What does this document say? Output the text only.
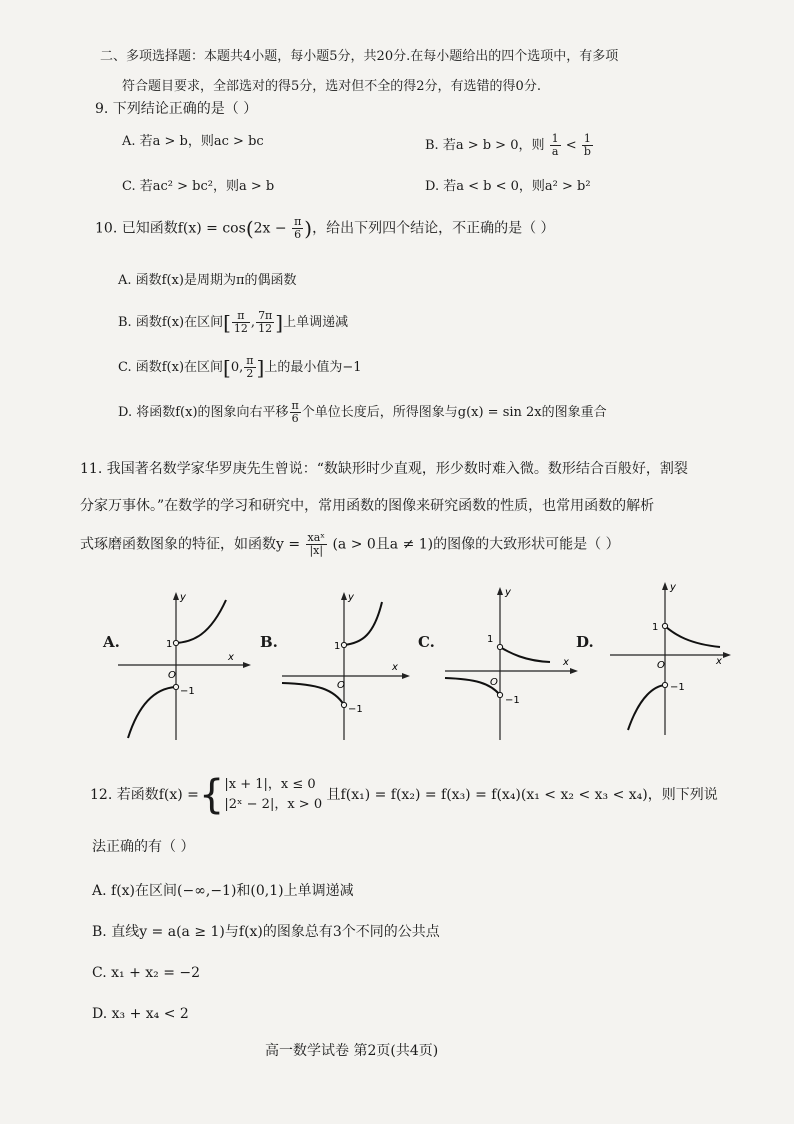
二、多项选择题：本题共4小题，每小题5分，共20分.在每小题给出的四个选项中，有多项
符合题目要求，全部选对的得5分，选对但不全的得2分，有选错的得0分.
9. 下列结论正确的是（ ）
A. 若a > b，则ac > bc	B. 若a > b > 0，则 $\frac{1}{a} < \frac{1}{b}$
C. 若ac² > bc²，则a > b	D. 若a < b < 0，则a² > b²
10. 已知函数$f(x) = \cos(2x - \frac{\pi}{6}$ )，给出下列四个结论，不正确的是（ ）
A. 函数f(x)是周期为π的偶函数
B. 函数f(x)在区间[ $\frac{\pi}{12}$ , $\frac{7\pi}{12}$ ]上单调递减
C. 函数f(x)在区间[0, $\frac{\pi}{2}$ ]上的最小值为−1
D. 将函数f(x)的图象向右平移 $\frac{\pi}{6}$ 个单位长度后，所得图象与g(x) = sin 2x的图象重合
11. 我国著名数学家华罗庚先生曾说：“数缺形时少直观，形少数时难入微。数形结合百般好，割裂
分家万事休。”在数学的学习和研究中，常用函数的图像来研究函数的性质，也常用函数的解析
式琢磨函数图象的特征，如函数$y = \frac{\text{xaˣ}}{|x|} (a > 0$且a ≠ 1)的图像的大致形状可能是（ ）
A.	B.	C.	D.
y
x
O
1
−1
y
x
O
1
−1
y
x
O
1
−1
y
x
O
1
−1
12. 若函数f(x) ={ |x + 1|，x ≤ 0
|2ˣ − 2|，x > 0
且f(x₁) = f(x₂) = f(x₃) = f(x₄)(x₁ < x₂ < x₃ < x₄)，则下列说
法正确的有（ ）
A. f(x)在区间(−∞,−1)和(0,1)上单调递减
B. 直线y = a(a ≥ 1)与f(x)的图象总有3个不同的公共点
C. x₁ + x₂ = −2
D. x₃ + x₄ < 2
高一数学试卷 第2页(共4页)
